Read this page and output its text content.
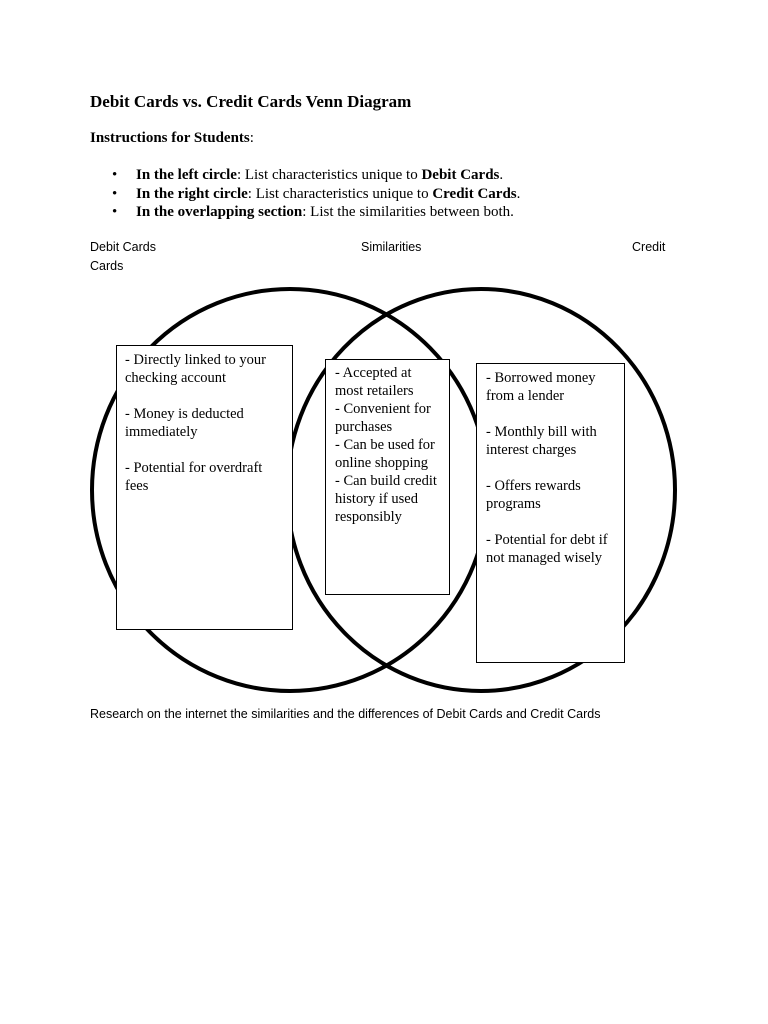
Debit Cards vs. Credit Cards Venn Diagram
Instructions for Students:
• In the left circle: List characteristics unique to Debit Cards.
• In the right circle: List characteristics unique to Credit Cards.
• In the overlapping section: List the similarities between both.
Debit Cards	Similarities	Credit
Cards

- Directly linked to your checking account

- Money is deducted immediately

- Potential for overdraft fees

- Accepted at most retailers

- Convenient for purchases

- Can be used for online shopping

- Can build credit history if used responsibly

- Borrowed money from a lender

- Monthly bill with interest charges

- Offers rewards programs

- Potential for debt if not managed wisely

Research on the internet the similarities and the differences of Debit Cards and Credit Cards
